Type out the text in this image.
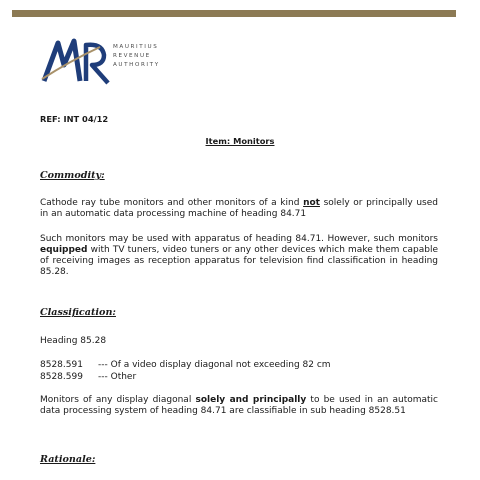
MAURITIUS
REVENUE
AUTHORITY
REF: INT 04/12
Item: Monitors
Commodity:
Cathode ray tube monitors and other monitors of a kind not solely or principally used in an automatic data processing machine of heading 84.71
Such monitors may be used with apparatus of heading 84.71. However, such monitors equipped with TV tuners, video tuners or any other devices which make them capable of receiving images as reception apparatus for television find classification in heading 85.28.
Classification:
Heading 85.28
8528.591 --- Of a video display diagonal not exceeding 82 cm
8528.599 --- Other
Monitors of any display diagonal solely and principally to be used in an automatic data processing system of heading 84.71 are classifiable in sub heading 8528.51
Rationale:
